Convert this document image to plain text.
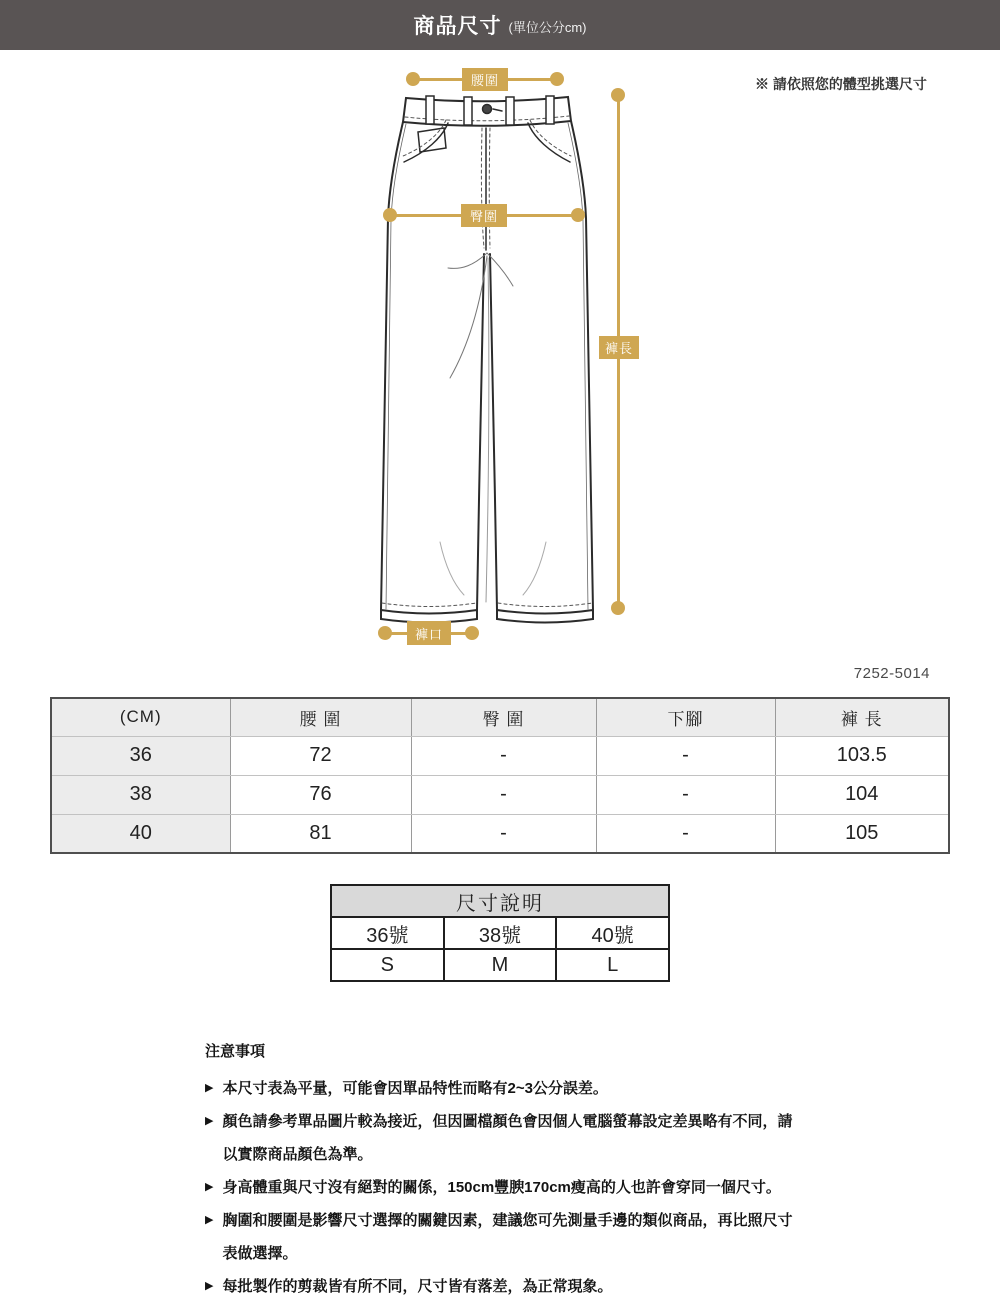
商品尺寸 (單位公分cm)
※ 請依照您的體型挑選尺寸
腰圍
臀圍
褲長
褲口
7252-5014
(CM)	腰 圍	臀 圍	下腳	褲 長
36	72	-	-	103.5
38	76	-	-	104
40	81	-	-	105
尺寸說明		
36號	38號	40號
S	M	L
注意事項
▶ 本尺寸表為平量，可能會因單品特性而略有2~3公分誤差。
▶ 顏色請參考單品圖片較為接近，但因圖檔顏色會因個人電腦螢幕設定差異略有不同，請
以實際商品顏色為準。
▶ 身高體重與尺寸沒有絕對的關係，150cm豐腴170cm瘦高的人也許會穿同一個尺寸。
▶ 胸圍和腰圍是影響尺寸選擇的關鍵因素，建議您可先測量手邊的類似商品，再比照尺寸
表做選擇。
▶ 每批製作的剪裁皆有所不同，尺寸皆有落差，為正常現象。
